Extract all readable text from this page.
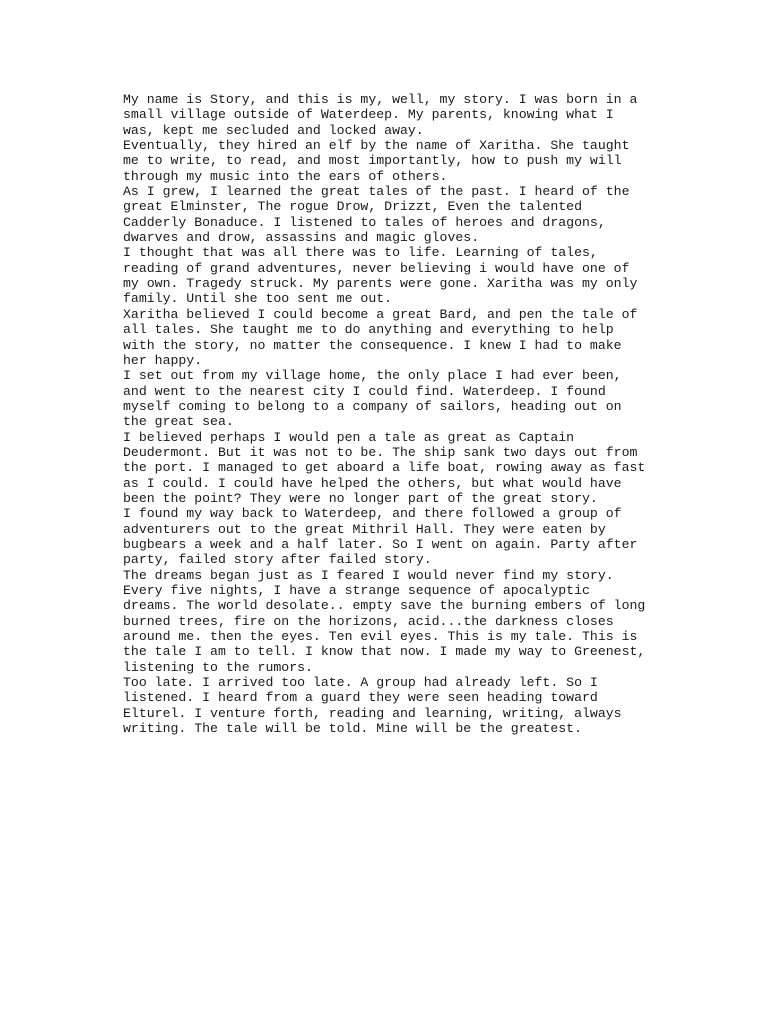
My name is Story, and this is my, well, my story. I was born in a
small village outside of Waterdeep. My parents, knowing what I
was, kept me secluded and locked away.
Eventually, they hired an elf by the name of Xaritha. She taught
me to write, to read, and most importantly, how to push my will
through my music into the ears of others.
As I grew, I learned the great tales of the past. I heard of the
great Elminster, The rogue Drow, Drizzt, Even the talented
Cadderly Bonaduce. I listened to tales of heroes and dragons,
dwarves and drow, assassins and magic gloves.
I thought that was all there was to life. Learning of tales,
reading of grand adventures, never believing i would have one of
my own. Tragedy struck. My parents were gone. Xaritha was my only
family. Until she too sent me out.
Xaritha believed I could become a great Bard, and pen the tale of
all tales. She taught me to do anything and everything to help
with the story, no matter the consequence. I knew I had to make
her happy.
I set out from my village home, the only place I had ever been,
and went to the nearest city I could find. Waterdeep. I found
myself coming to belong to a company of sailors, heading out on
the great sea.
I believed perhaps I would pen a tale as great as Captain
Deudermont. But it was not to be. The ship sank two days out from
the port. I managed to get aboard a life boat, rowing away as fast
as I could. I could have helped the others, but what would have
been the point? They were no longer part of the great story.
I found my way back to Waterdeep, and there followed a group of
adventurers out to the great Mithril Hall. They were eaten by
bugbears a week and a half later. So I went on again. Party after
party, failed story after failed story.
The dreams began just as I feared I would never find my story.
Every five nights, I have a strange sequence of apocalyptic
dreams. The world desolate.. empty save the burning embers of long
burned trees, fire on the horizons, acid...the darkness closes
around me. then the eyes. Ten evil eyes. This is my tale. This is
the tale I am to tell. I know that now. I made my way to Greenest,
listening to the rumors.
Too late. I arrived too late. A group had already left. So I
listened. I heard from a guard they were seen heading toward
Elturel. I venture forth, reading and learning, writing, always
writing. The tale will be told. Mine will be the greatest.
